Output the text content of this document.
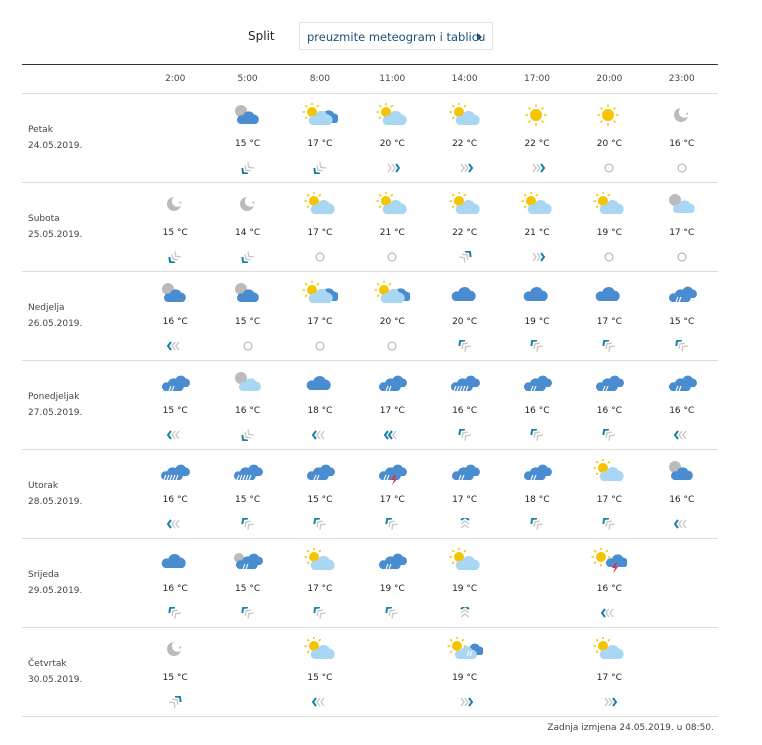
Split	preuzmite meteogram i tablicu
	2:00	5:00	8:00	11:00	14:00	17:00	20:00	23:00

Petak
24.05.2019.		15 °C	17 °C	20 °C	22 °C	22 °C	20 °C	16 °C

Subota
25.05.2019.	15 °C	14 °C	17 °C	21 °C	22 °C	21 °C	19 °C	17 °C

Nedjelja
26.05.2019.	16 °C	15 °C	17 °C	20 °C	20 °C	19 °C	17 °C	15 °C

Ponedjeljak
27.05.2019.	15 °C	16 °C	18 °C	17 °C	16 °C	16 °C	16 °C	16 °C

Utorak
28.05.2019.	16 °C	15 °C	15 °C	17 °C	17 °C	18 °C	17 °C	16 °C

Srijeda
29.05.2019.	16 °C	15 °C	17 °C	19 °C	19 °C		16 °C	

Četvrtak
30.05.2019.	15 °C		15 °C		19 °C		17 °C	

Zadnja izmjena 24.05.2019. u 08:50.
